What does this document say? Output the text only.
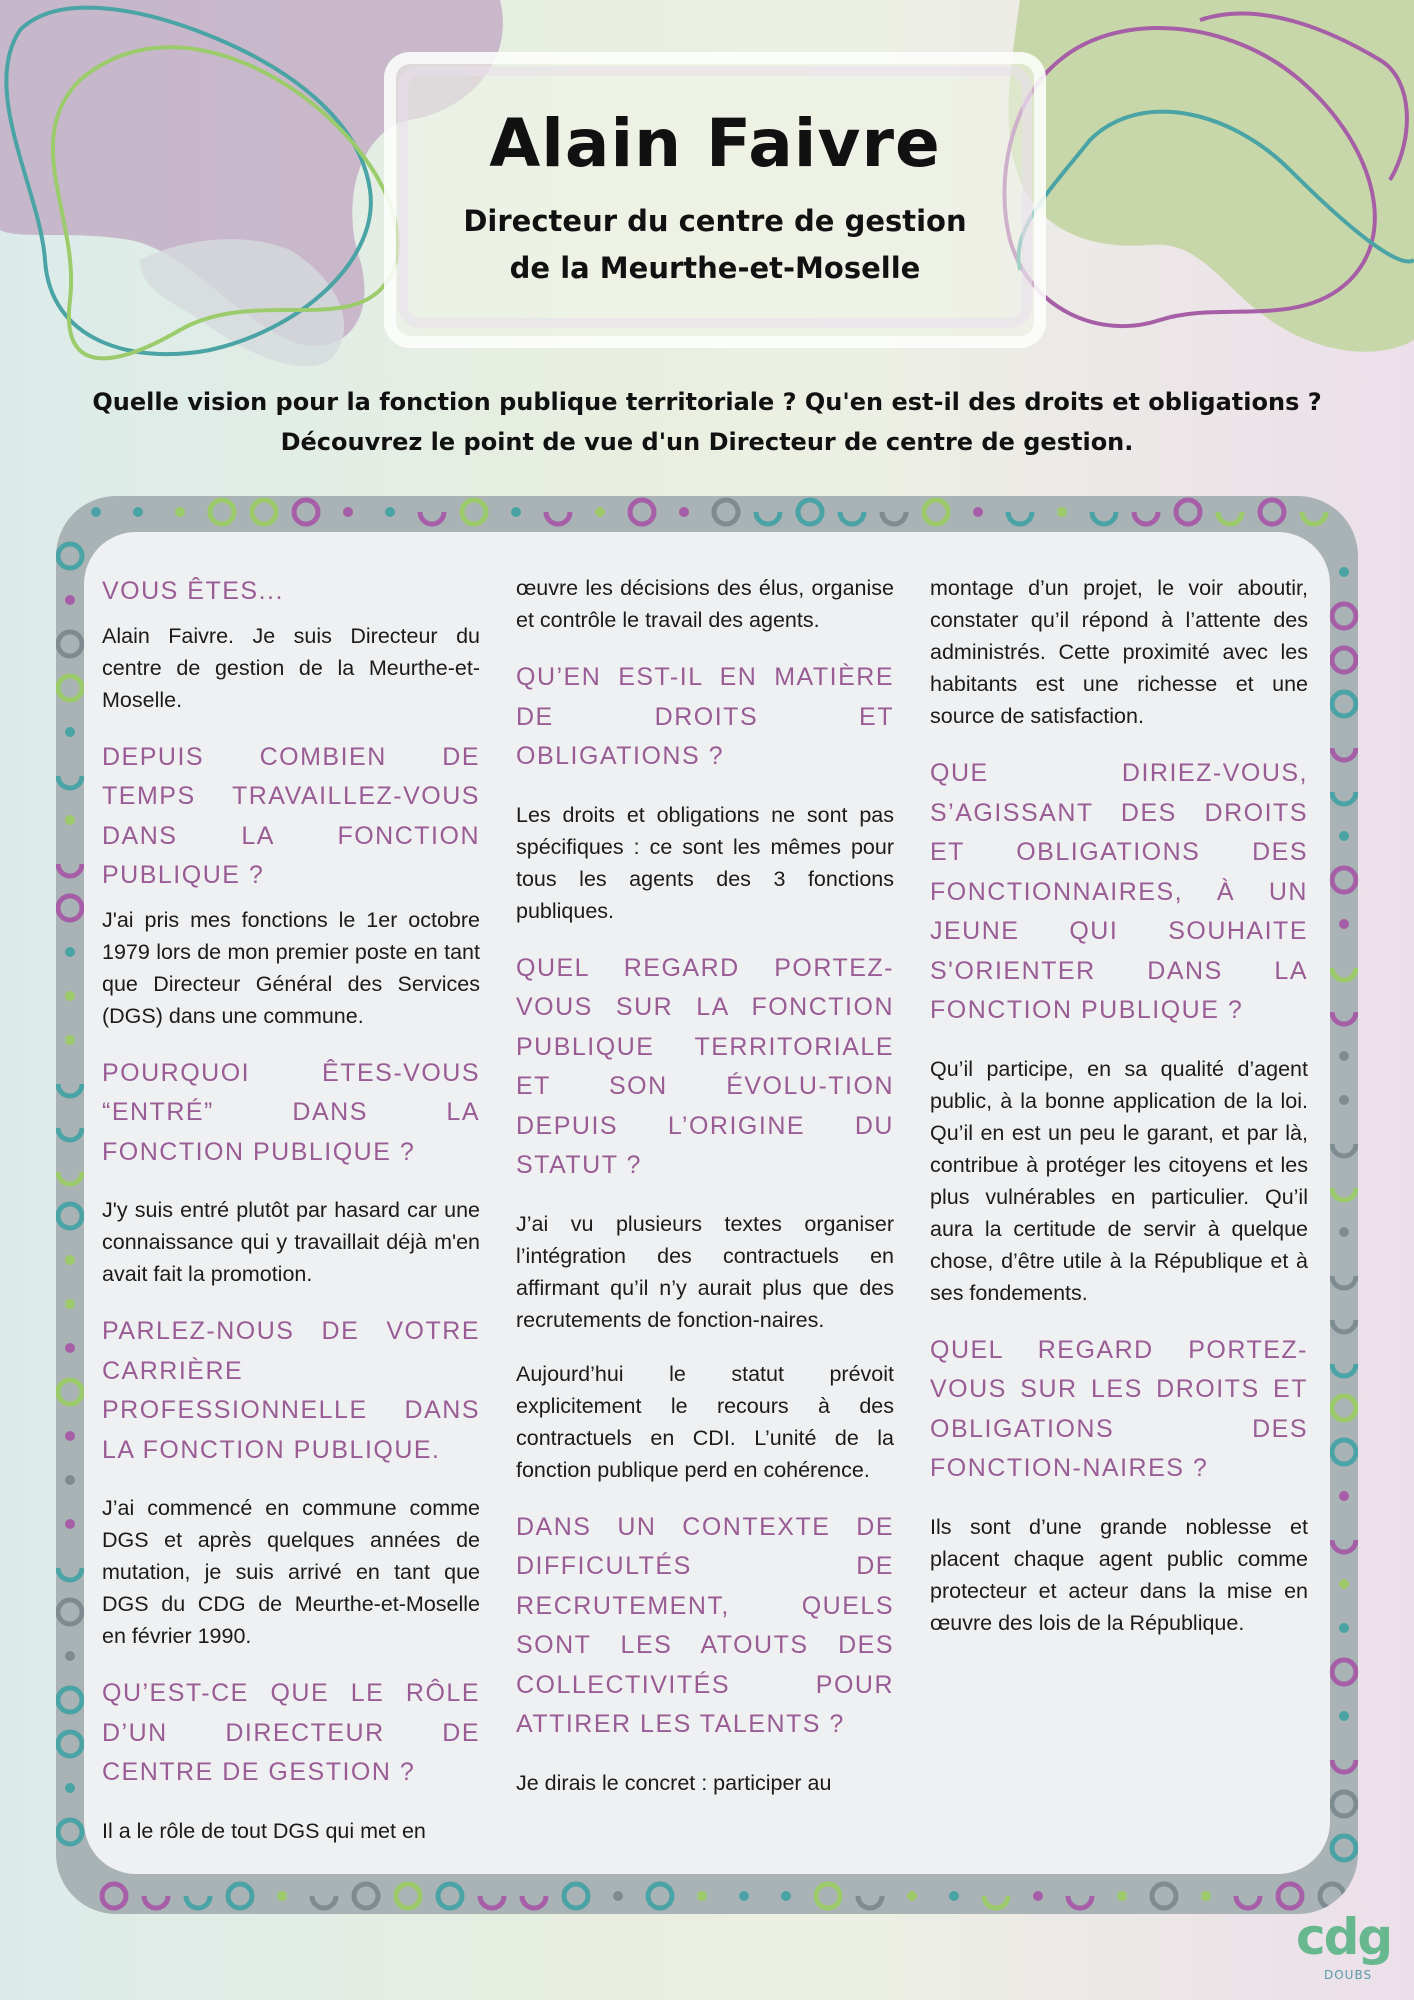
Alain Faivre
Directeur du centre de gestion
de la Meurthe-et-Moselle
Quelle vision pour la fonction publique territoriale ? Qu'en est-il des droits et obligations ?
Découvrez le point de vue d'un Directeur de centre de gestion.

VOUS ÊTES...

Alain Faivre. Je suis Directeur du centre de gestion de la Meurthe-et-Moselle.

DEPUIS COMBIEN DE TEMPS TRAVAILLEZ-VOUS DANS LA FONCTION PUBLIQUE ?

J'ai pris mes fonctions le 1er octobre 1979 lors de mon premier poste en tant que Directeur Général des Services (DGS) dans une commune.

POURQUOI ÊTES-VOUS “ENTRÉ” DANS LA FONCTION PUBLIQUE ?

J'y suis entré plutôt par hasard car une connaissance qui y travaillait déjà m'en avait fait la promotion.

PARLEZ-NOUS DE VOTRE CARRIÈRE PROFESSIONNELLE DANS LA FONCTION PUBLIQUE.

J’ai commencé en commune comme DGS et après quelques années de mutation, je suis arrivé en tant que DGS du CDG de Meurthe-et-Moselle en février 1990.

QU’EST-CE QUE LE RÔLE D’UN DIRECTEUR DE CENTRE DE GESTION ?

Il a le rôle de tout DGS qui met en

œuvre les décisions des élus, organise et contrôle le travail des agents.

QU’EN EST-IL EN MATIÈRE DE DROITS ET OBLIGATIONS ?

Les droits et obligations ne sont pas spécifiques : ce sont les mêmes pour tous les agents des 3 fonctions publiques.

QUEL REGARD PORTEZ-VOUS SUR LA FONCTION PUBLIQUE TERRITORIALE ET SON ÉVOLU-TION DEPUIS L’ORIGINE DU STATUT ?

J’ai vu plusieurs textes organiser l’intégration des contractuels en affirmant qu’il n’y aurait plus que des recrutements de fonction-naires.

Aujourd’hui le statut prévoit explicitement le recours à des contractuels en CDI. L’unité de la fonction publique perd en cohérence.

DANS UN CONTEXTE DE DIFFICULTÉS DE RECRUTEMENT, QUELS SONT LES ATOUTS DES COLLECTIVITÉS POUR ATTIRER LES TALENTS ?

Je dirais le concret : participer au

montage d’un projet, le voir aboutir, constater qu’il répond à l’attente des administrés. Cette proximité avec les habitants est une richesse et une source de satisfaction.

QUE DIRIEZ-VOUS, S’AGISSANT DES DROITS ET OBLIGATIONS DES FONCTIONNAIRES, À UN JEUNE QUI SOUHAITE S'ORIENTER DANS LA FONCTION PUBLIQUE ?

Qu’il participe, en sa qualité d’agent public, à la bonne application de la loi. Qu’il en est un peu le garant, et par là, contribue à protéger les citoyens et les plus vulnérables en particulier. Qu’il aura la certitude de servir à quelque chose, d’être utile à la République et à ses fondements.

QUEL REGARD PORTEZ-VOUS SUR LES DROITS ET OBLIGATIONS DES FONCTION-NAIRES ?

Ils sont d’une grande noblesse et placent chaque agent public comme protecteur et acteur dans la mise en œuvre des lois de la République.

cdg
DOUBS
